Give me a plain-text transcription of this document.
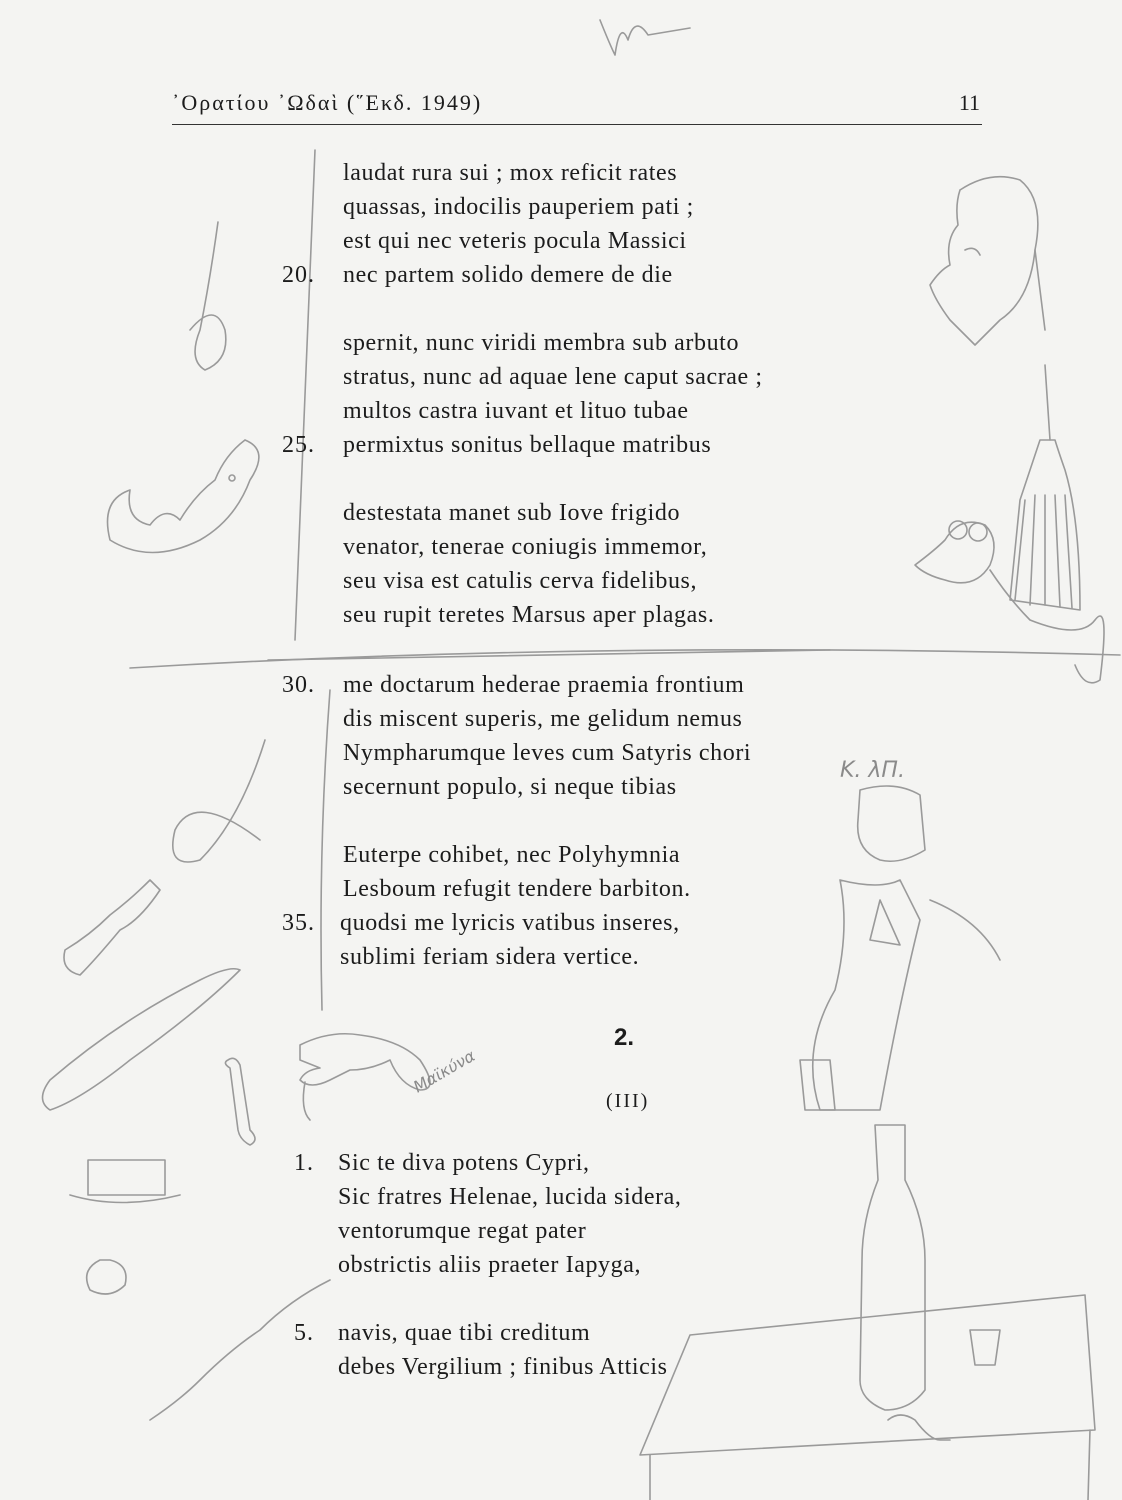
᾿Ορατίου ᾿Ωδαὶ (῞Εκδ. 1949)	11
laudat rura sui ; mox reficit rates
quassas, indocilis pauperiem pati ;
est qui nec veteris pocula Massici
20. nec partem solido demere de die
spernit, nunc viridi membra sub arbuto
stratus, nunc ad aquae lene caput sacrae ;
multos castra iuvant et lituo tubae
25. permixtus sonitus bellaque matribus
destestata manet sub Iove frigido
venator, tenerae coniugis immemor,
seu visa est catulis cerva fidelibus,
seu rupit teretes Marsus aper plagas.
30. me doctarum hederae praemia frontium
dis miscent superis, me gelidum nemus
Nympharumque leves cum Satyris chori
secernunt populo, si neque tibias
Euterpe cohibet, nec Polyhymnia
Lesboum refugit tendere barbiton.
35. quodsi me lyricis vatibus inseres,
sublimi feriam sidera vertice.
2.
(III)
1. Sic te diva potens Cypri,
Sic fratres Helenae, lucida sidera,
ventorumque regat pater
obstrictis aliis praeter Iapyga,
5. navis, quae tibi creditum
debes Vergilium ; finibus Atticis
Κ. λΠ.
Μαϊκύνα
